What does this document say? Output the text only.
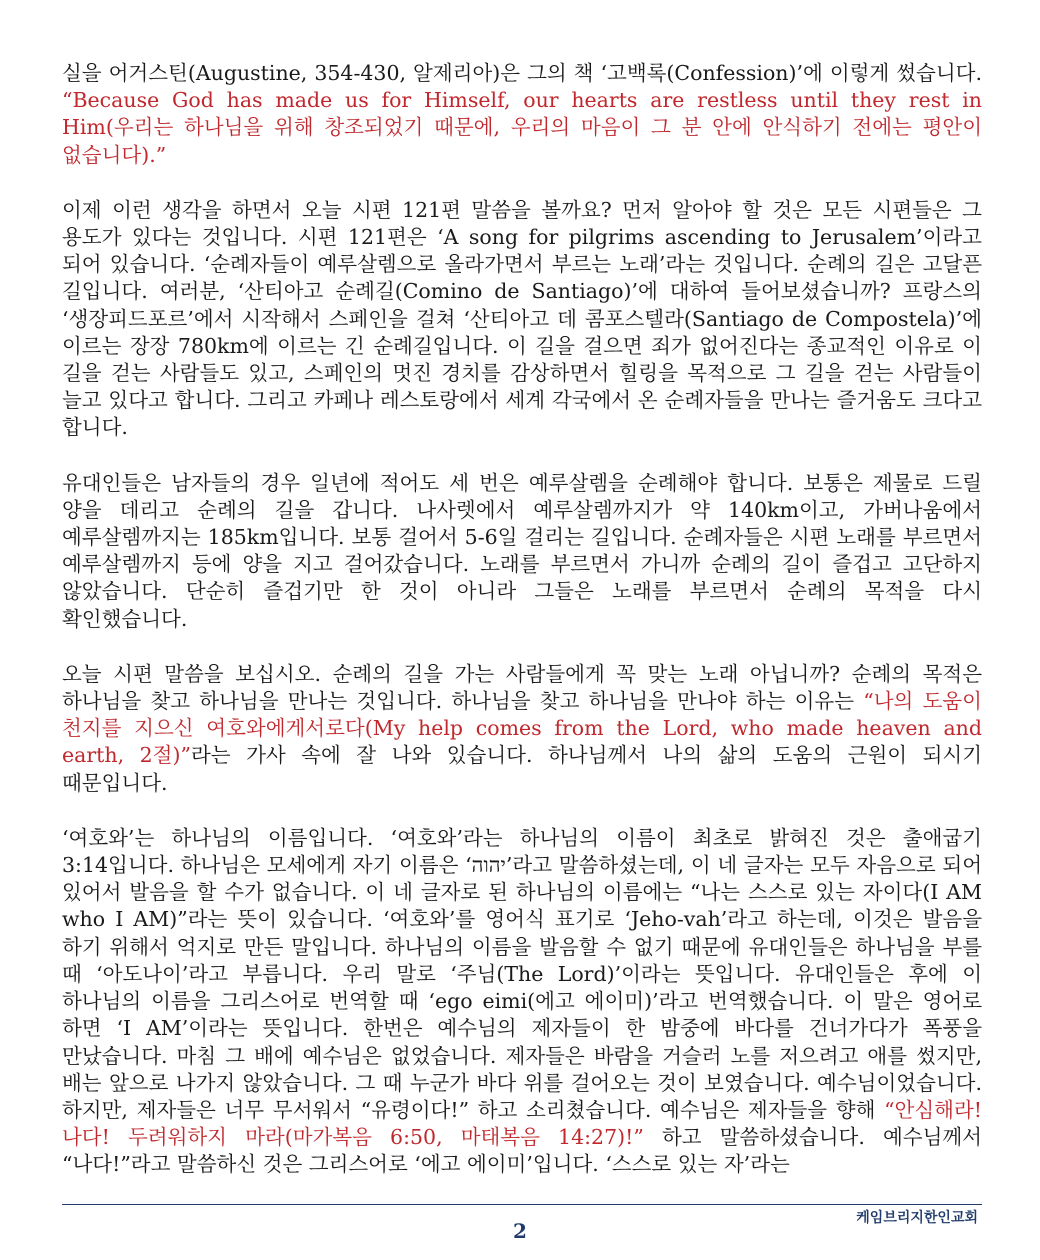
실을 어거스틴(Augustine, 354-430, 알제리아)은 그의 책 ‘고백록(Confession)’에 이렇게 썼습니다. “Because God has made us for Himself, our hearts are restless until they rest in Him(우리는 하나님을 위해 창조되었기 때문에, 우리의 마음이 그 분 안에 안식하기 전에는 평안이 없습니다).”

이제 이런 생각을 하면서 오늘 시편 121편 말씀을 볼까요? 먼저 알아야 할 것은 모든 시편들은 그 용도가 있다는 것입니다. 시편 121편은 ‘A song for pilgrims ascending to Jerusalem’이라고 되어 있습니다. ‘순례자들이 예루살렘으로 올라가면서 부르는 노래’라는 것입니다. 순례의 길은 고달픈 길입니다. 여러분, ‘산티아고 순례길(Comino de Santiago)’에 대하여 들어보셨습니까? 프랑스의 ‘생장피드포르’에서 시작해서 스페인을 걸쳐 ‘산티아고 데 콤포스텔라(Santiago de Compostela)’에 이르는 장장 780km에 이르는 긴 순례길입니다. 이 길을 걸으면 죄가 없어진다는 종교적인 이유로 이 길을 걷는 사람들도 있고, 스페인의 멋진 경치를 감상하면서 힐링을 목적으로 그 길을 걷는 사람들이 늘고 있다고 합니다. 그리고 카페나 레스토랑에서 세계 각국에서 온 순례자들을 만나는 즐거움도 크다고 합니다.

유대인들은 남자들의 경우 일년에 적어도 세 번은 예루살렘을 순례해야 합니다. 보통은 제물로 드릴 양을 데리고 순례의 길을 갑니다. 나사렛에서 예루살렘까지가 약 140km이고, 가버나움에서 예루살렘까지는 185km입니다. 보통 걸어서 5-6일 걸리는 길입니다. 순례자들은 시편 노래를 부르면서 예루살렘까지 등에 양을 지고 걸어갔습니다. 노래를 부르면서 가니까 순례의 길이 즐겁고 고단하지 않았습니다. 단순히 즐겁기만 한 것이 아니라 그들은 노래를 부르면서 순례의 목적을 다시 확인했습니다.

오늘 시편 말씀을 보십시오. 순례의 길을 가는 사람들에게 꼭 맞는 노래 아닙니까? 순례의 목적은 하나님을 찾고 하나님을 만나는 것입니다. 하나님을 찾고 하나님을 만나야 하는 이유는 “나의 도움이 천지를 지으신 여호와에게서로다(My help comes from the Lord, who made heaven and earth, 2절)”라는 가사 속에 잘 나와 있습니다. 하나님께서 나의 삶의 도움의 근원이 되시기 때문입니다.

‘여호와’는 하나님의 이름입니다. ‘여호와’라는 하나님의 이름이 최초로 밝혀진 것은 출애굽기 3:14입니다. 하나님은 모세에게 자기 이름은 ‘יהוה’라고 말씀하셨는데, 이 네 글자는 모두 자음으로 되어 있어서 발음을 할 수가 없습니다. 이 네 글자로 된 하나님의 이름에는 “나는 스스로 있는 자이다(I AM who I AM)”라는 뜻이 있습니다. ‘여호와’를 영어식 표기로 ‘Jeho-vah’라고 하는데, 이것은 발음을 하기 위해서 억지로 만든 말입니다. 하나님의 이름을 발음할 수 없기 때문에 유대인들은 하나님을 부를 때 ‘아도나이’라고 부릅니다. 우리 말로 ‘주님(The Lord)’이라는 뜻입니다. 유대인들은 후에 이 하나님의 이름을 그리스어로 번역할 때 ‘ego eimi(에고 에이미)’라고 번역했습니다. 이 말은 영어로 하면 ‘I AM’이라는 뜻입니다. 한번은 예수님의 제자들이 한 밤중에 바다를 건너가다가 폭풍을 만났습니다. 마침 그 배에 예수님은 없었습니다. 제자들은 바람을 거슬러 노를 저으려고 애를 썼지만, 배는 앞으로 나가지 않았습니다. 그 때 누군가 바다 위를 걸어오는 것이 보였습니다. 예수님이었습니다. 하지만, 제자들은 너무 무서워서 “유령이다!” 하고 소리쳤습니다. 예수님은 제자들을 향해 “안심해라! 나다! 두려워하지 마라(마가복음 6:50, 마태복음 14:27)!” 하고 말씀하셨습니다. 예수님께서 “나다!”라고 말씀하신 것은 그리스어로 ‘에고 에이미’입니다. ‘스스로 있는 자’라는

2
케임브리지한인교회
